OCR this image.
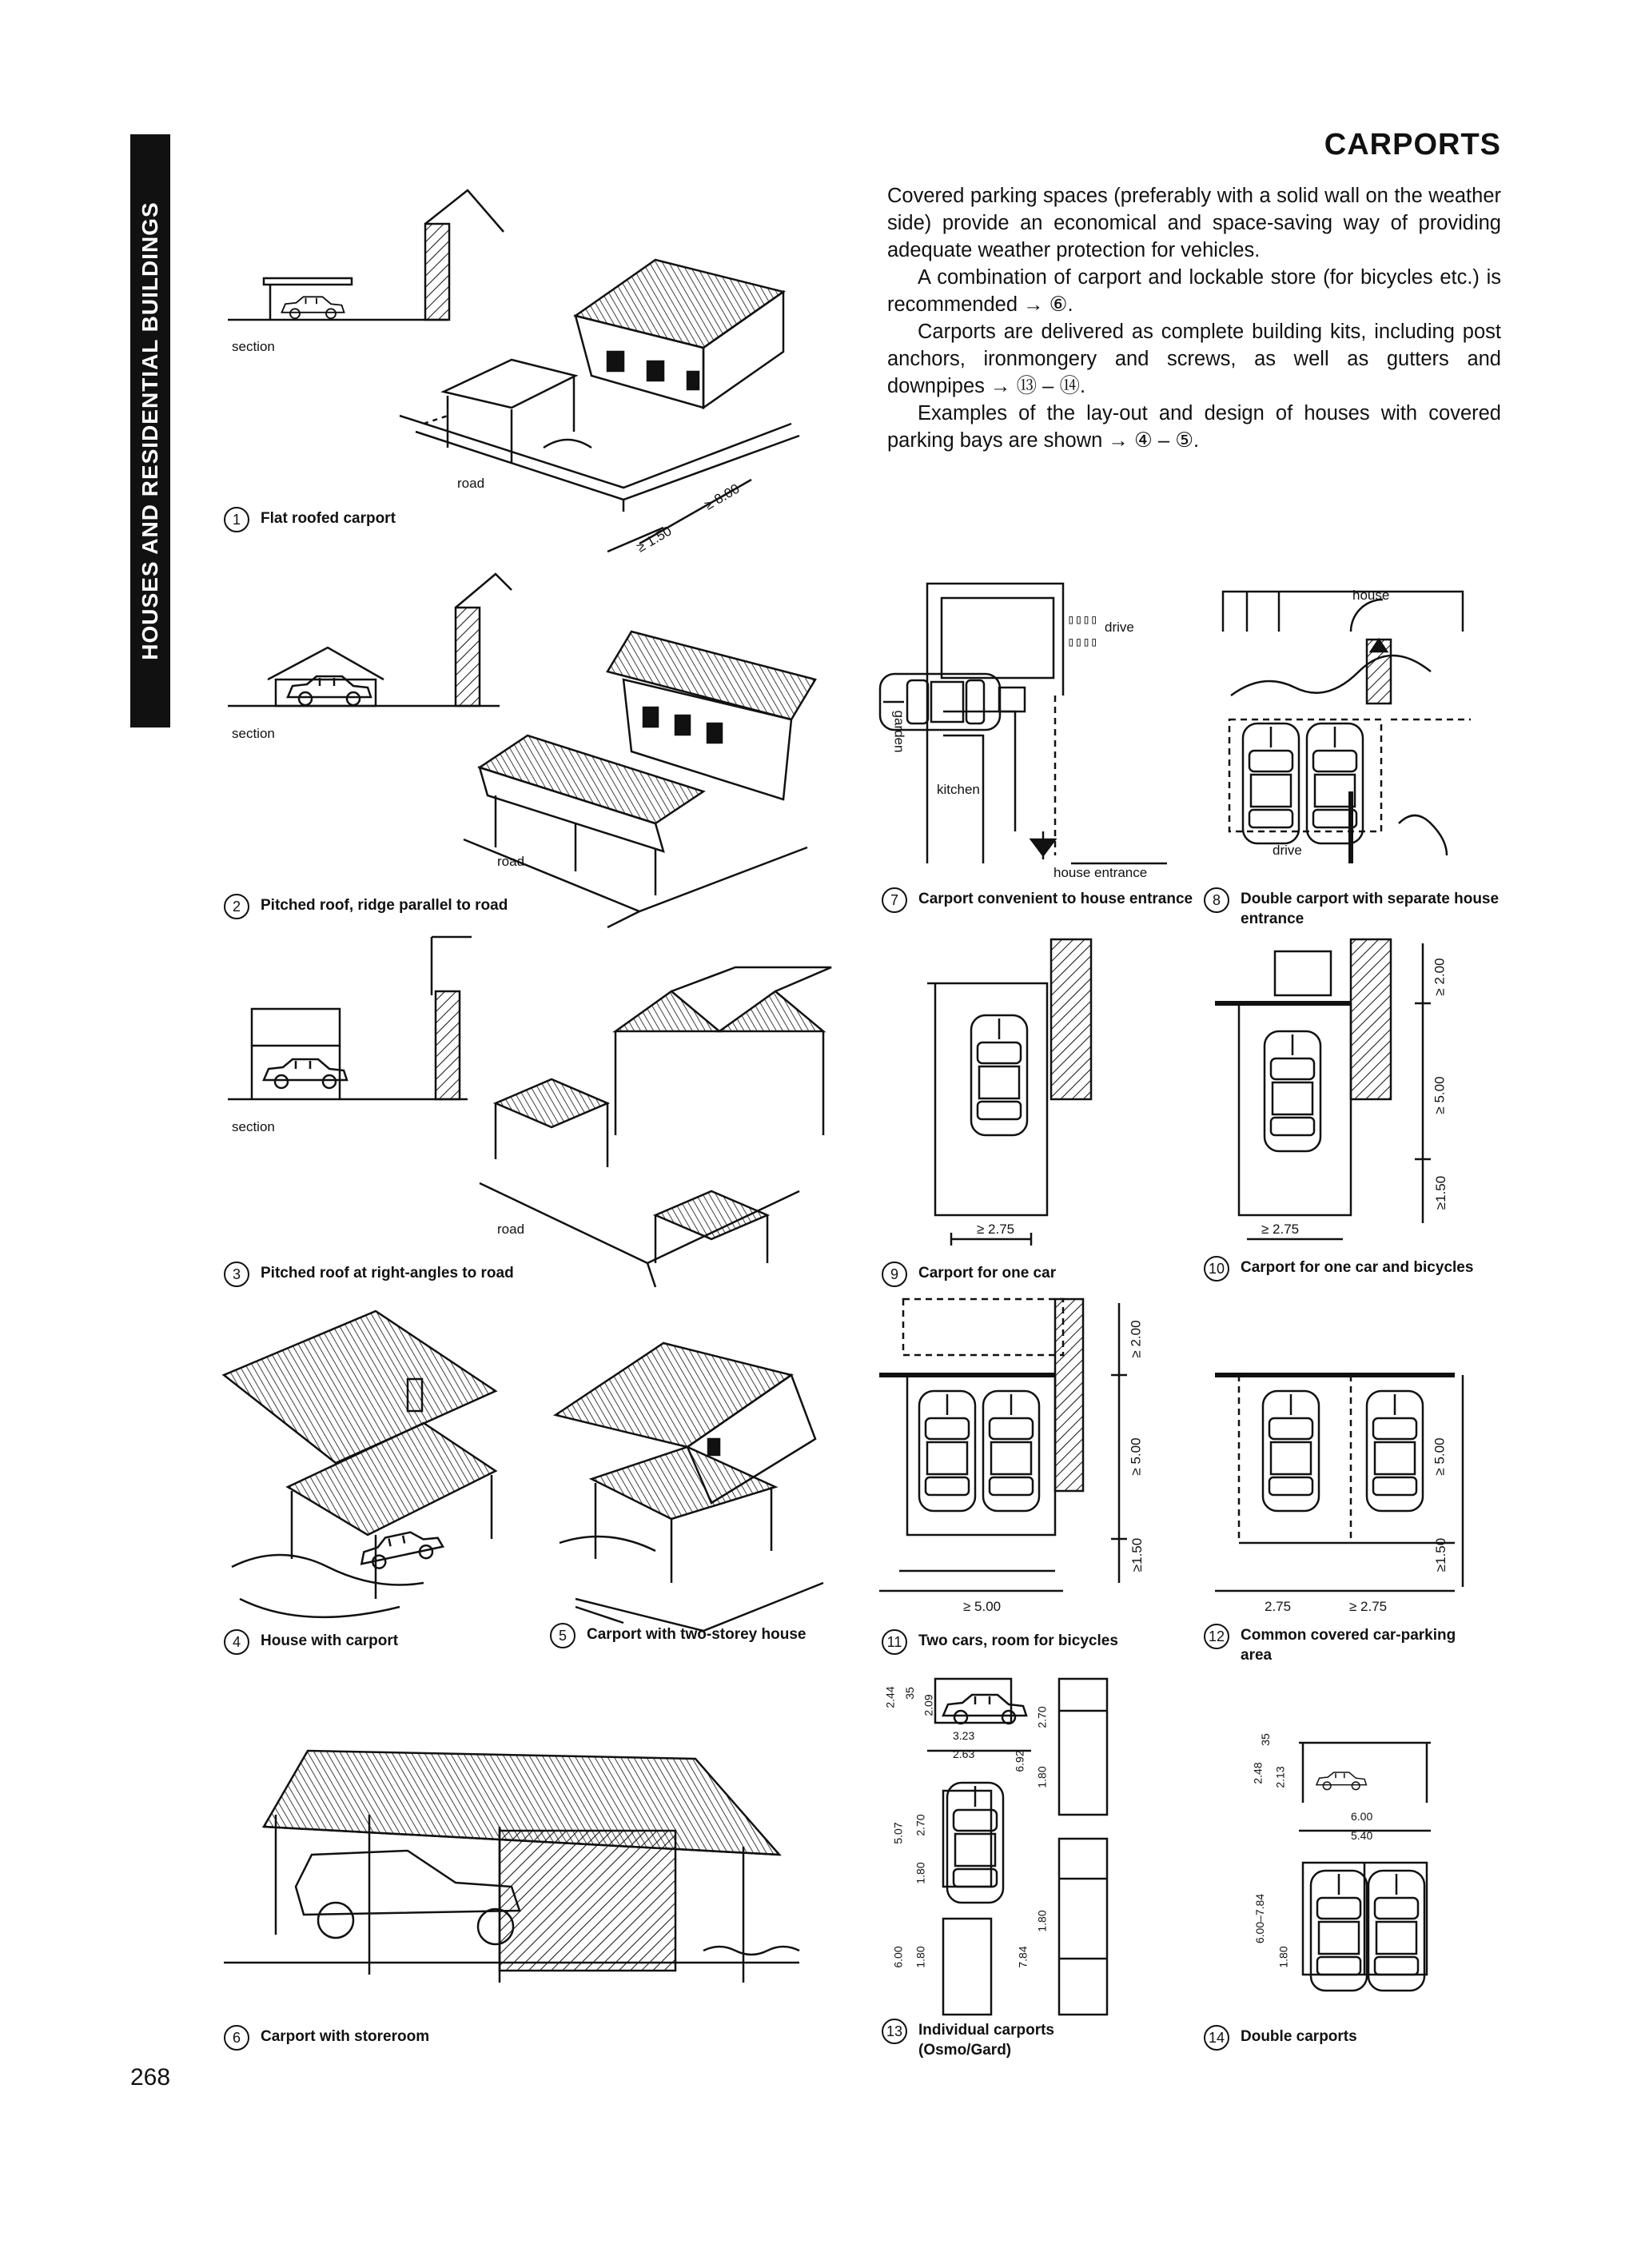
▯▯▯▯
▯▯▯▯
HOUSES AND RESIDENTIAL BUILDINGS
CARPORTS

Covered parking spaces (preferably with a solid wall on the weather side) provide an economical and space-saving way of providing adequate weather protection for vehicles.

A combination of carport and lockable store (for bicycles etc.) is recommended → ⑥.

Carports are delivered as complete building kits, including post anchors, ironmongery and screws, as well as gutters and downpipes → ⑬ – ⑭.

Examples of the lay-out and design of houses with covered parking bays are shown → ④ – ⑤.

1	Flat roofed carport
2	Pitched roof, ridge parallel to road
3	Pitched roof at right-angles to road
4	House with carport	5	Carport with two-storey house
6	Carport with storeroom
7	Carport convenient to house entrance	8	Double carport with separate house entrance
9	Carport for one car	10	Carport for one car and bicycles
11	Two cars, room for bicycles	12	Common covered car-parking area
13	Individual carports (Osmo/Gard)
14	Double carports
section
road	≥ 8.00
≥ 1.50
section
road
section
road
garden
kitchen
house entrance
drive
house
drive
≥ 2.75	≥ 2.75
≥ 2.00
≥ 5.00
≥1.50
≥ 2.00
≥ 5.00
≥1.50
≥ 5.00	2.75	≥ 2.75
≥ 5.00
≥1.50
2.44 35
2.09
3.23
2.63
2.70
6.92
1.80
5.07 2.70
1.80
6.00 1.80	7.84
1.80
35
2.48 2.13
6.00
5.40
6.00–7.84
1.80
268
